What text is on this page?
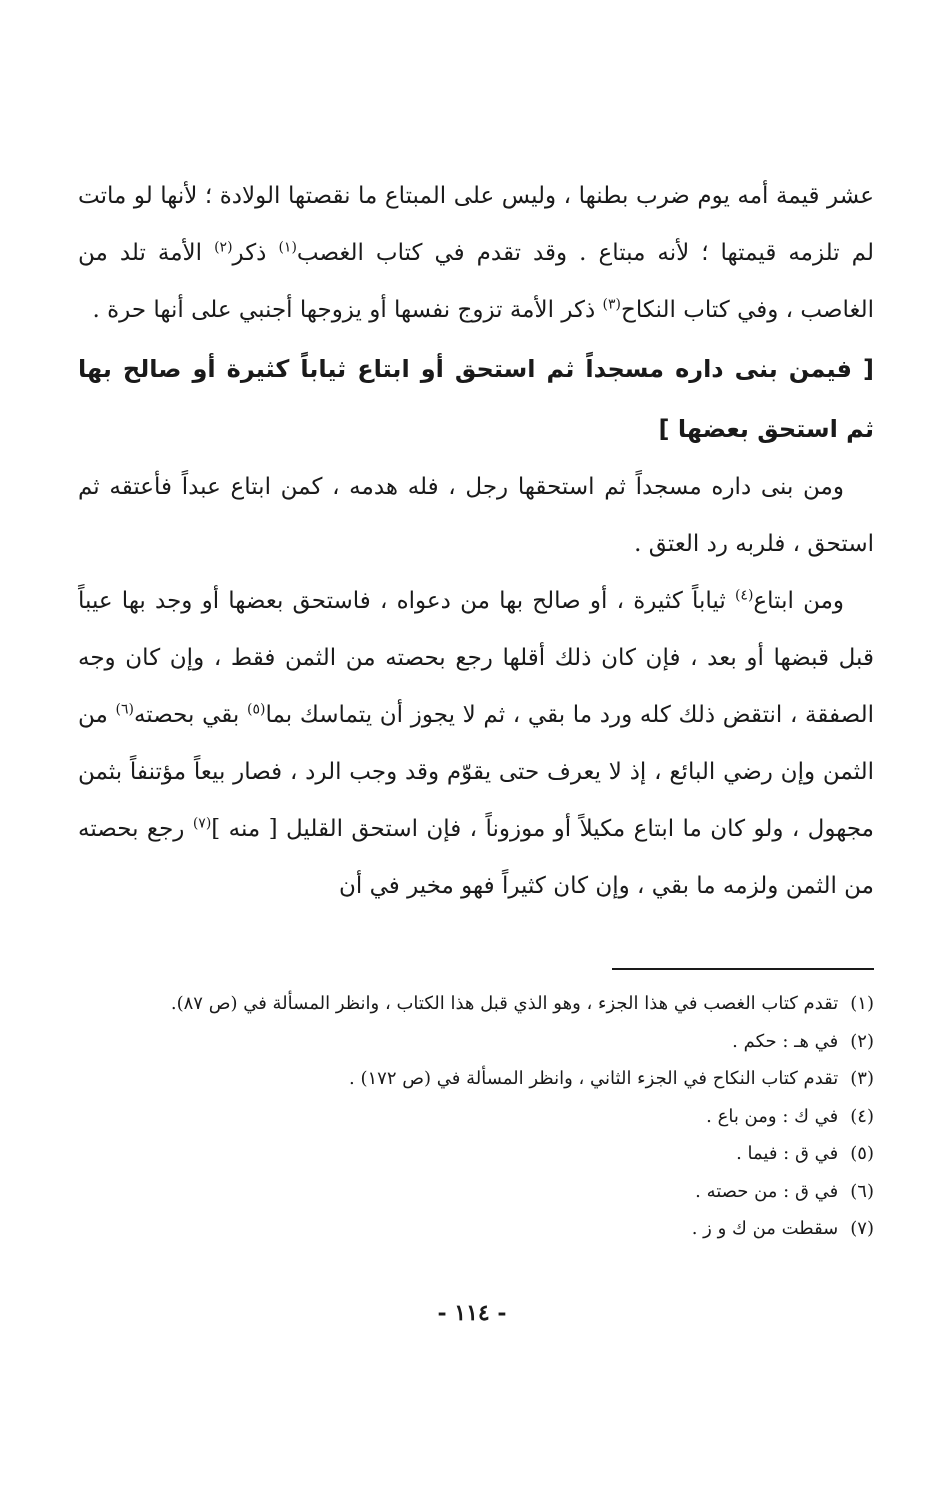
عشر قيمة أمه يوم ضرب بطنها ، وليس على المبتاع ما نقصتها الولادة ؛ لأنها لو ماتت لم تلزمه قيمتها ؛ لأنه مبتاع . وقد تقدم في كتاب الغصب$^{(١)}$ ذكر$^{(٢)}$ الأمة تلد من الغاصب ، وفي كتاب النكاح$^{(٣)}$ ذكر الأمة تزوج نفسها أو يزوجها أجنبي على أنها حرة .

[ فيمن بنى داره مسجداً ثم استحق أو ابتاع ثياباً كثيرة أو صالح بها ثم استحق بعضها ]

ومن بنى داره مسجداً ثم استحقها رجل ، فله هدمه ، كمن ابتاع عبداً فأعتقه ثم استحق ، فلربه رد العتق .

ومن ابتاع$^{(٤)}$ ثياباً كثيرة ، أو صالح بها من دعواه ، فاستحق بعضها أو وجد بها عيباً قبل قبضها أو بعد ، فإن كان ذلك أقلها رجع بحصته من الثمن فقط ، وإن كان وجه الصفقة ، انتقض ذلك كله ورد ما بقي ، ثم لا يجوز أن يتماسك بما$^{(٥)}$ بقي بحصته$^{(٦)}$ من الثمن وإن رضي البائع ، إذ لا يعرف حتى يقوّم وقد وجب الرد ، فصار بيعاً مؤتنفاً بثمن مجهول ، ولو كان ما ابتاع مكيلاً أو موزوناً ، فإن استحق القليل [ منه ]$^{(٧)}$ رجع بحصته من الثمن ولزمه ما بقي ، وإن كان كثيراً فهو مخير في أن

(١)تقدم كتاب الغصب في هذا الجزء ، وهو الذي قبل هذا الكتاب ، وانظر المسألة في (ص ٨٧).

(٢)في هـ : حكم .

(٣)تقدم كتاب النكاح في الجزء الثاني ، وانظر المسألة في (ص ١٧٢) .

(٤)في ك : ومن باع .

(٥)في ق : فيما .

(٦)في ق : من حصته .

(٧)سقطت من ك و ز .

- ١١٤ -
